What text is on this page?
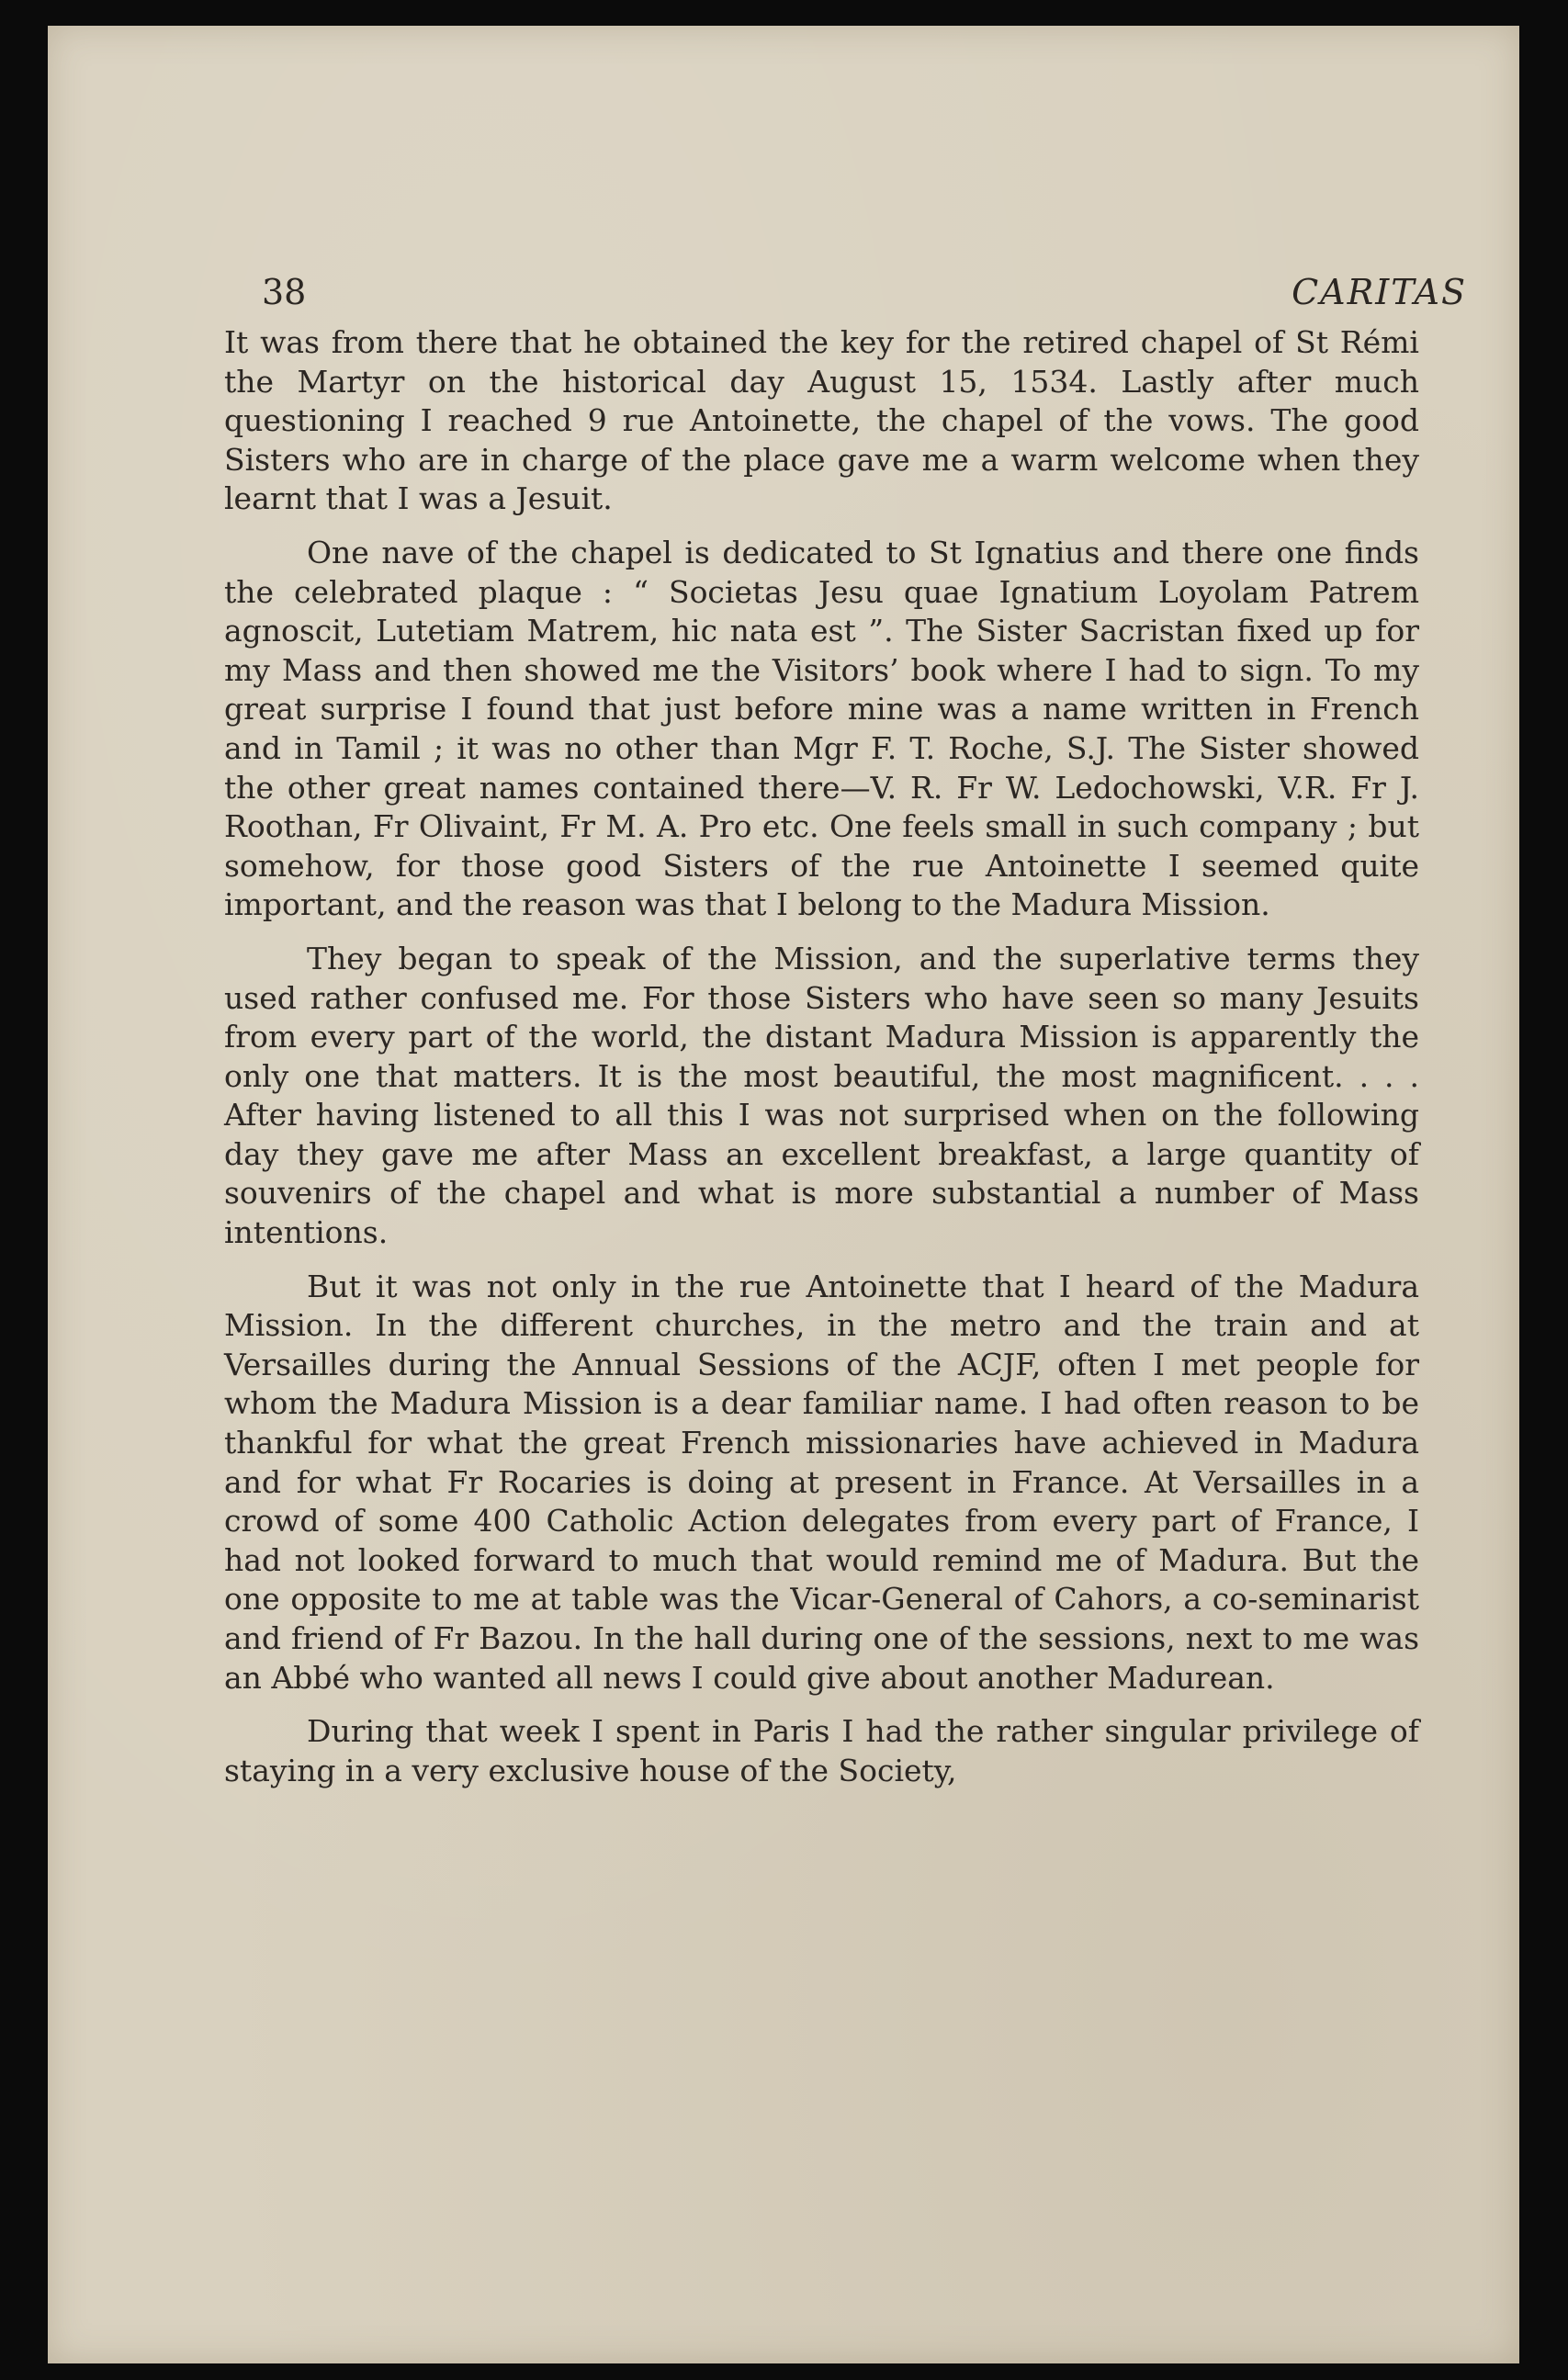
38	CARITAS

It was from there that he obtained the key for the retired chapel of St Rémi the Martyr on the historical day August 15, 1534. Lastly after much questioning I reached 9 rue Antoinette, the chapel of the vows. The good Sisters who are in charge of the place gave me a warm welcome when they learnt that I was a Jesuit.

One nave of the chapel is dedicated to St Ignatius and there one finds the celebrated plaque : “ Societas Jesu quae Ignatium Loyolam Patrem agnoscit, Lutetiam Matrem, hic nata est ”. The Sister Sacristan fixed up for my Mass and then showed me the Visitors’ book where I had to sign. To my great surprise I found that just before mine was a name written in French and in Tamil ; it was no other than Mgr F. T. Roche, S.J. The Sister showed the other great names contained there—V. R. Fr W. Ledochowski, V.R. Fr J. Roothan, Fr Olivaint, Fr M. A. Pro etc. One feels small in such company ; but somehow, for those good Sisters of the rue Antoinette I seemed quite important, and the reason was that I belong to the Madura Mission.

They began to speak of the Mission, and the superlative terms they used rather confused me. For those Sisters who have seen so many Jesuits from every part of the world, the distant Madura Mission is apparently the only one that matters. It is the most beautiful, the most magnificent. . . . After having listened to all this I was not surprised when on the following day they gave me after Mass an excellent breakfast, a large quantity of souvenirs of the chapel and what is more substantial a number of Mass intentions.

But it was not only in the rue Antoinette that I heard of the Madura Mission. In the different churches, in the metro and the train and at Versailles during the Annual Sessions of the ACJF, often I met people for whom the Madura Mission is a dear familiar name. I had often reason to be thankful for what the great French missionaries have achieved in Madura and for what Fr Rocaries is doing at present in France. At Versailles in a crowd of some 400 Catholic Action delegates from every part of France, I had not looked forward to much that would remind me of Madura. But the one opposite to me at table was the Vicar-General of Cahors, a co-seminarist and friend of Fr Bazou. In the hall during one of the sessions, next to me was an Abbé who wanted all news I could give about another Madurean.

During that week I spent in Paris I had the rather singular privilege of staying in a very exclusive house of the Society,
